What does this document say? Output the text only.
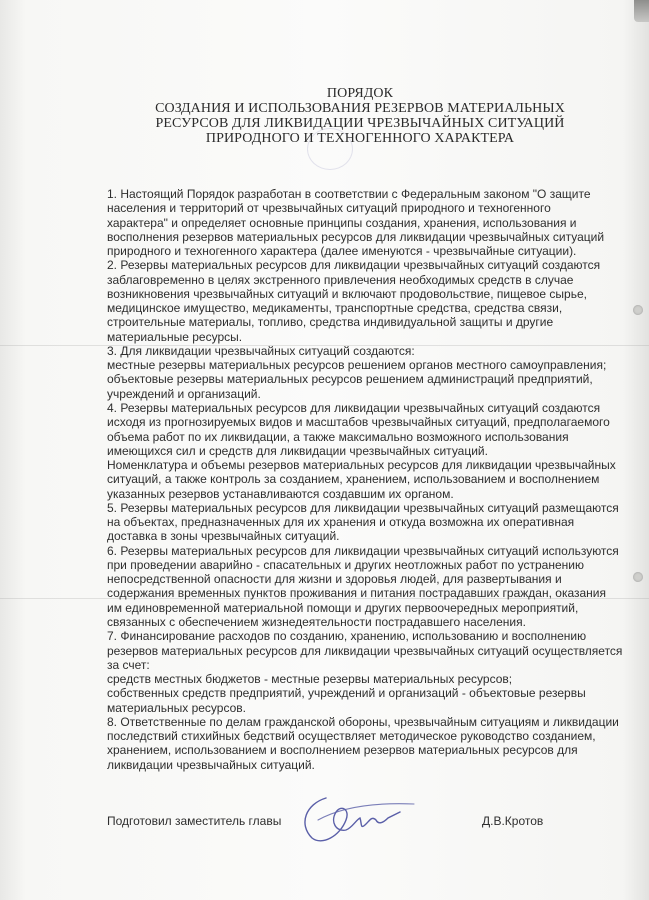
ПОРЯДОК
СОЗДАНИЯ И ИСПОЛЬЗОВАНИЯ РЕЗЕРВОВ МАТЕРИАЛЬНЫХ
РЕСУРСОВ ДЛЯ ЛИКВИДАЦИИ ЧРЕЗВЫЧАЙНЫХ СИТУАЦИЙ
ПРИРОДНОГО И ТЕХНОГЕННОГО ХАРАКТЕРА
1. Настоящий Порядок разработан в соответствии с Федеральным законом "О защите
населения и территорий от чрезвычайных ситуаций природного и техногенного
характера" и определяет основные принципы создания, хранения, использования и
восполнения резервов материальных ресурсов для ликвидации чрезвычайных ситуаций
природного и техногенного характера (далее именуются - чрезвычайные ситуации).
2. Резервы материальных ресурсов для ликвидации чрезвычайных ситуаций создаются
заблаговременно в целях экстренного привлечения необходимых средств в случае
возникновения чрезвычайных ситуаций и включают продовольствие, пищевое сырье,
медицинское имущество, медикаменты, транспортные средства, средства связи,
строительные материалы, топливо, средства индивидуальной защиты и другие
материальные ресурсы.
3. Для ликвидации чрезвычайных ситуаций создаются:
местные резервы материальных ресурсов решением органов местного самоуправления;
объектовые резервы материальных ресурсов решением администраций предприятий,
учреждений и организаций.
4. Резервы материальных ресурсов для ликвидации чрезвычайных ситуаций создаются
исходя из прогнозируемых видов и масштабов чрезвычайных ситуаций, предполагаемого
объема работ по их ликвидации, а также максимально возможного использования
имеющихся сил и средств для ликвидации чрезвычайных ситуаций.
Номенклатура и объемы резервов материальных ресурсов для ликвидации чрезвычайных
ситуаций, а также контроль за созданием, хранением, использованием и восполнением
указанных резервов устанавливаются создавшим их органом.
5. Резервы материальных ресурсов для ликвидации чрезвычайных ситуаций размещаются
на объектах, предназначенных для их хранения и откуда возможна их оперативная
доставка в зоны чрезвычайных ситуаций.
6. Резервы материальных ресурсов для ликвидации чрезвычайных ситуаций используются
при проведении аварийно - спасательных и других неотложных работ по устранению
непосредственной опасности для жизни и здоровья людей, для развертывания и
содержания временных пунктов проживания и питания пострадавших граждан, оказания
им единовременной материальной помощи и других первоочередных мероприятий,
связанных с обеспечением жизнедеятельности пострадавшего населения.
7. Финансирование расходов по созданию, хранению, использованию и восполнению
резервов материальных ресурсов для ликвидации чрезвычайных ситуаций осуществляется
за счет:
средств местных бюджетов - местные резервы материальных ресурсов;
собственных средств предприятий, учреждений и организаций - объектовые резервы
материальных ресурсов.
8. Ответственные по делам гражданской обороны, чрезвычайным ситуациям и ликвидации
последствий стихийных бедствий осуществляет методическое руководство созданием,
хранением, использованием и восполнением резервов материальных ресурсов для
ликвидации чрезвычайных ситуаций.
Подготовил заместитель главы	Д.В.Кротов
